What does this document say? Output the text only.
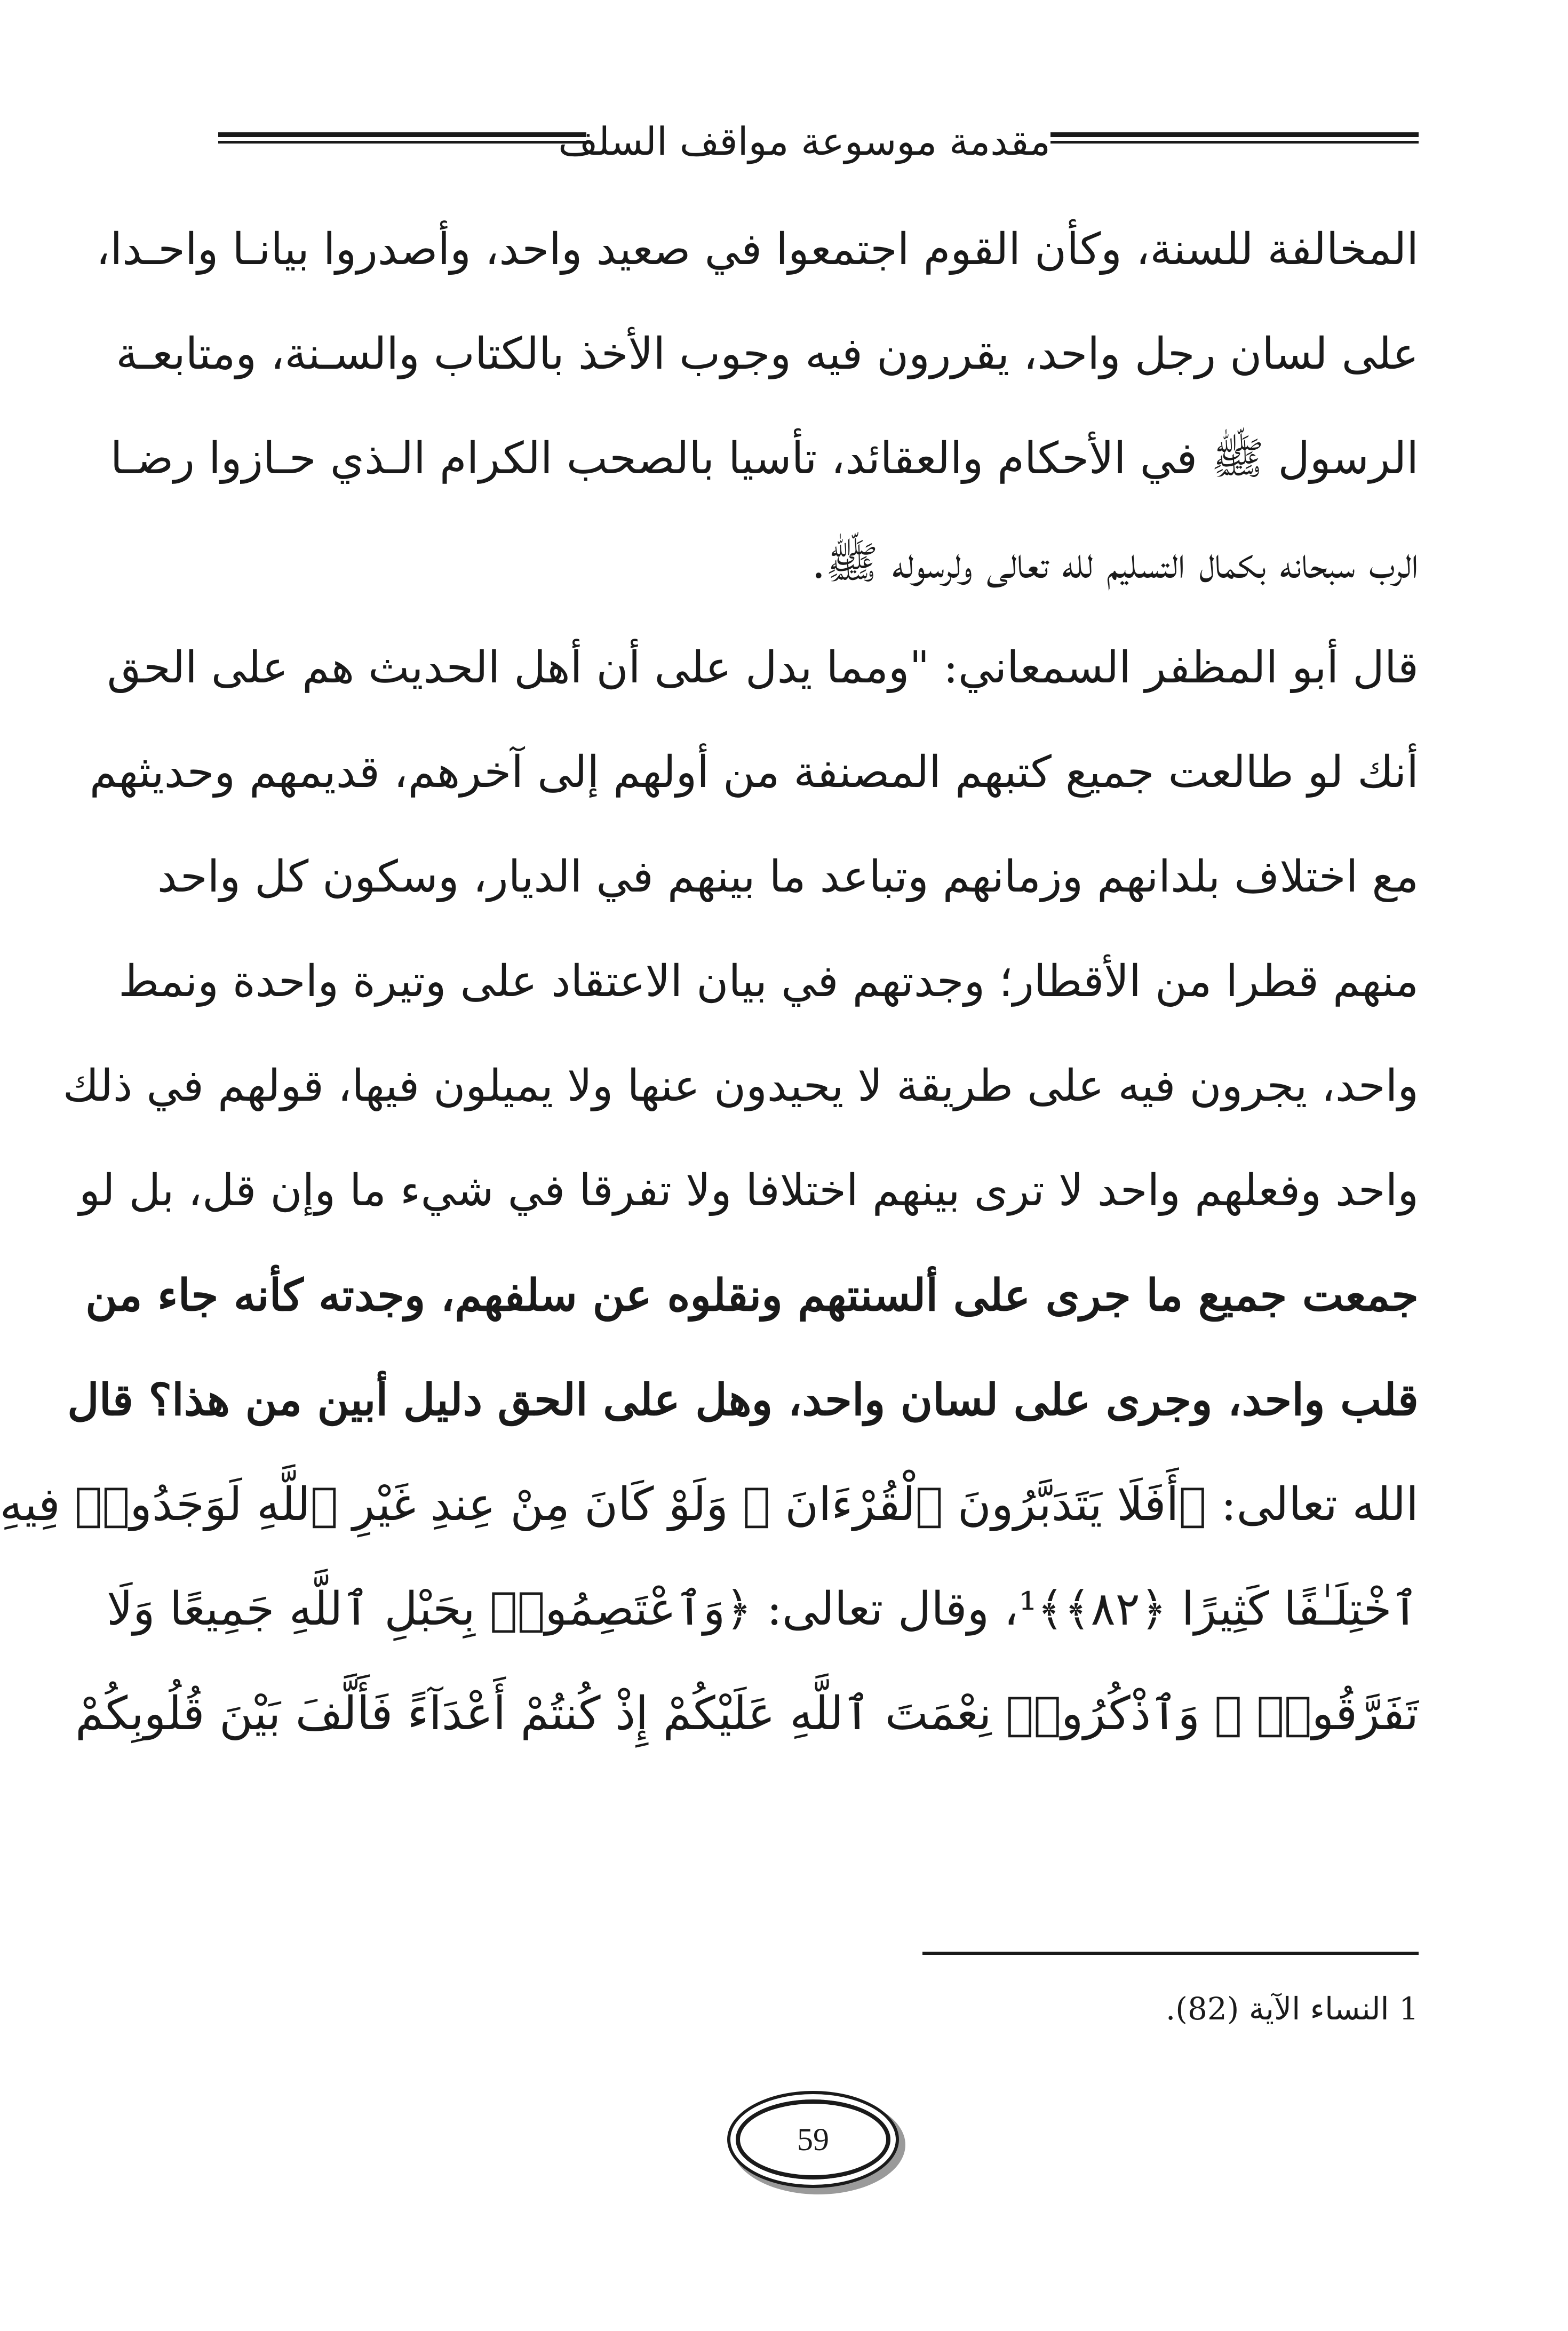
مقدمة موسوعة مواقف السلف
المخالفة للسنة، وكأن القوم اجتمعوا في صعيد واحد، وأصدروا بيانـا واحـدا،
على لسان رجل واحد، يقررون فيه وجوب الأخذ بالكتاب والسـنة، ومتابعـة
الرسول ﷺ في الأحكام والعقائد، تأسيا بالصحب الكرام الـذي حـازوا رضـا
الرب سبحانه بكمال التسليم لله تعالى ولرسوله ﷺ.
قال أبو المظفر السمعاني: "ومما يدل على أن أهل الحديث هم على الحق
أنك لو طالعت جميع كتبهم المصنفة من أولهم إلى آخرهم، قديمهم وحديثهم
مع اختلاف بلدانهم وزمانهم وتباعد ما بينهم في الديار، وسكون كل واحد
منهم قطرا من الأقطار؛ وجدتهم في بيان الاعتقاد على وتيرة واحدة ونمط
واحد، يجرون فيه على طريقة لا يحيدون عنها ولا يميلون فيها، قولهم في ذلك
واحد وفعلهم واحد لا ترى بينهم اختلافا ولا تفرقا في شيء ما وإن قل، بل لو
جمعت جميع ما جرى على ألسنتهم ونقلوه عن سلفهم، وجدته كأنه جاء من
قلب واحد، وجرى على لسان واحد، وهل على الحق دليل أبين من هذا؟ قال
الله تعالى: ﴿أَفَلَا يَتَدَبَّرُونَ ٱلْقُرْءَانَ ۚ وَلَوْ كَانَ مِنْ عِندِ غَيْرِ ٱللَّهِ لَوَجَدُوا۟ فِيهِ
ٱخْتِلَـٰفًا كَثِيرًا ﴿٨٢﴾﴾¹، وقال تعالى: ﴿وَٱعْتَصِمُوا۟ بِحَبْلِ ٱللَّهِ جَمِيعًا وَلَا
تَفَرَّقُوا۟ ۚ وَٱذْكُرُوا۟ نِعْمَتَ ٱللَّهِ عَلَيْكُمْ إِذْ كُنتُمْ أَعْدَآءً فَأَلَّفَ بَيْنَ قُلُوبِكُمْ
1 النساء الآية (82).
59
